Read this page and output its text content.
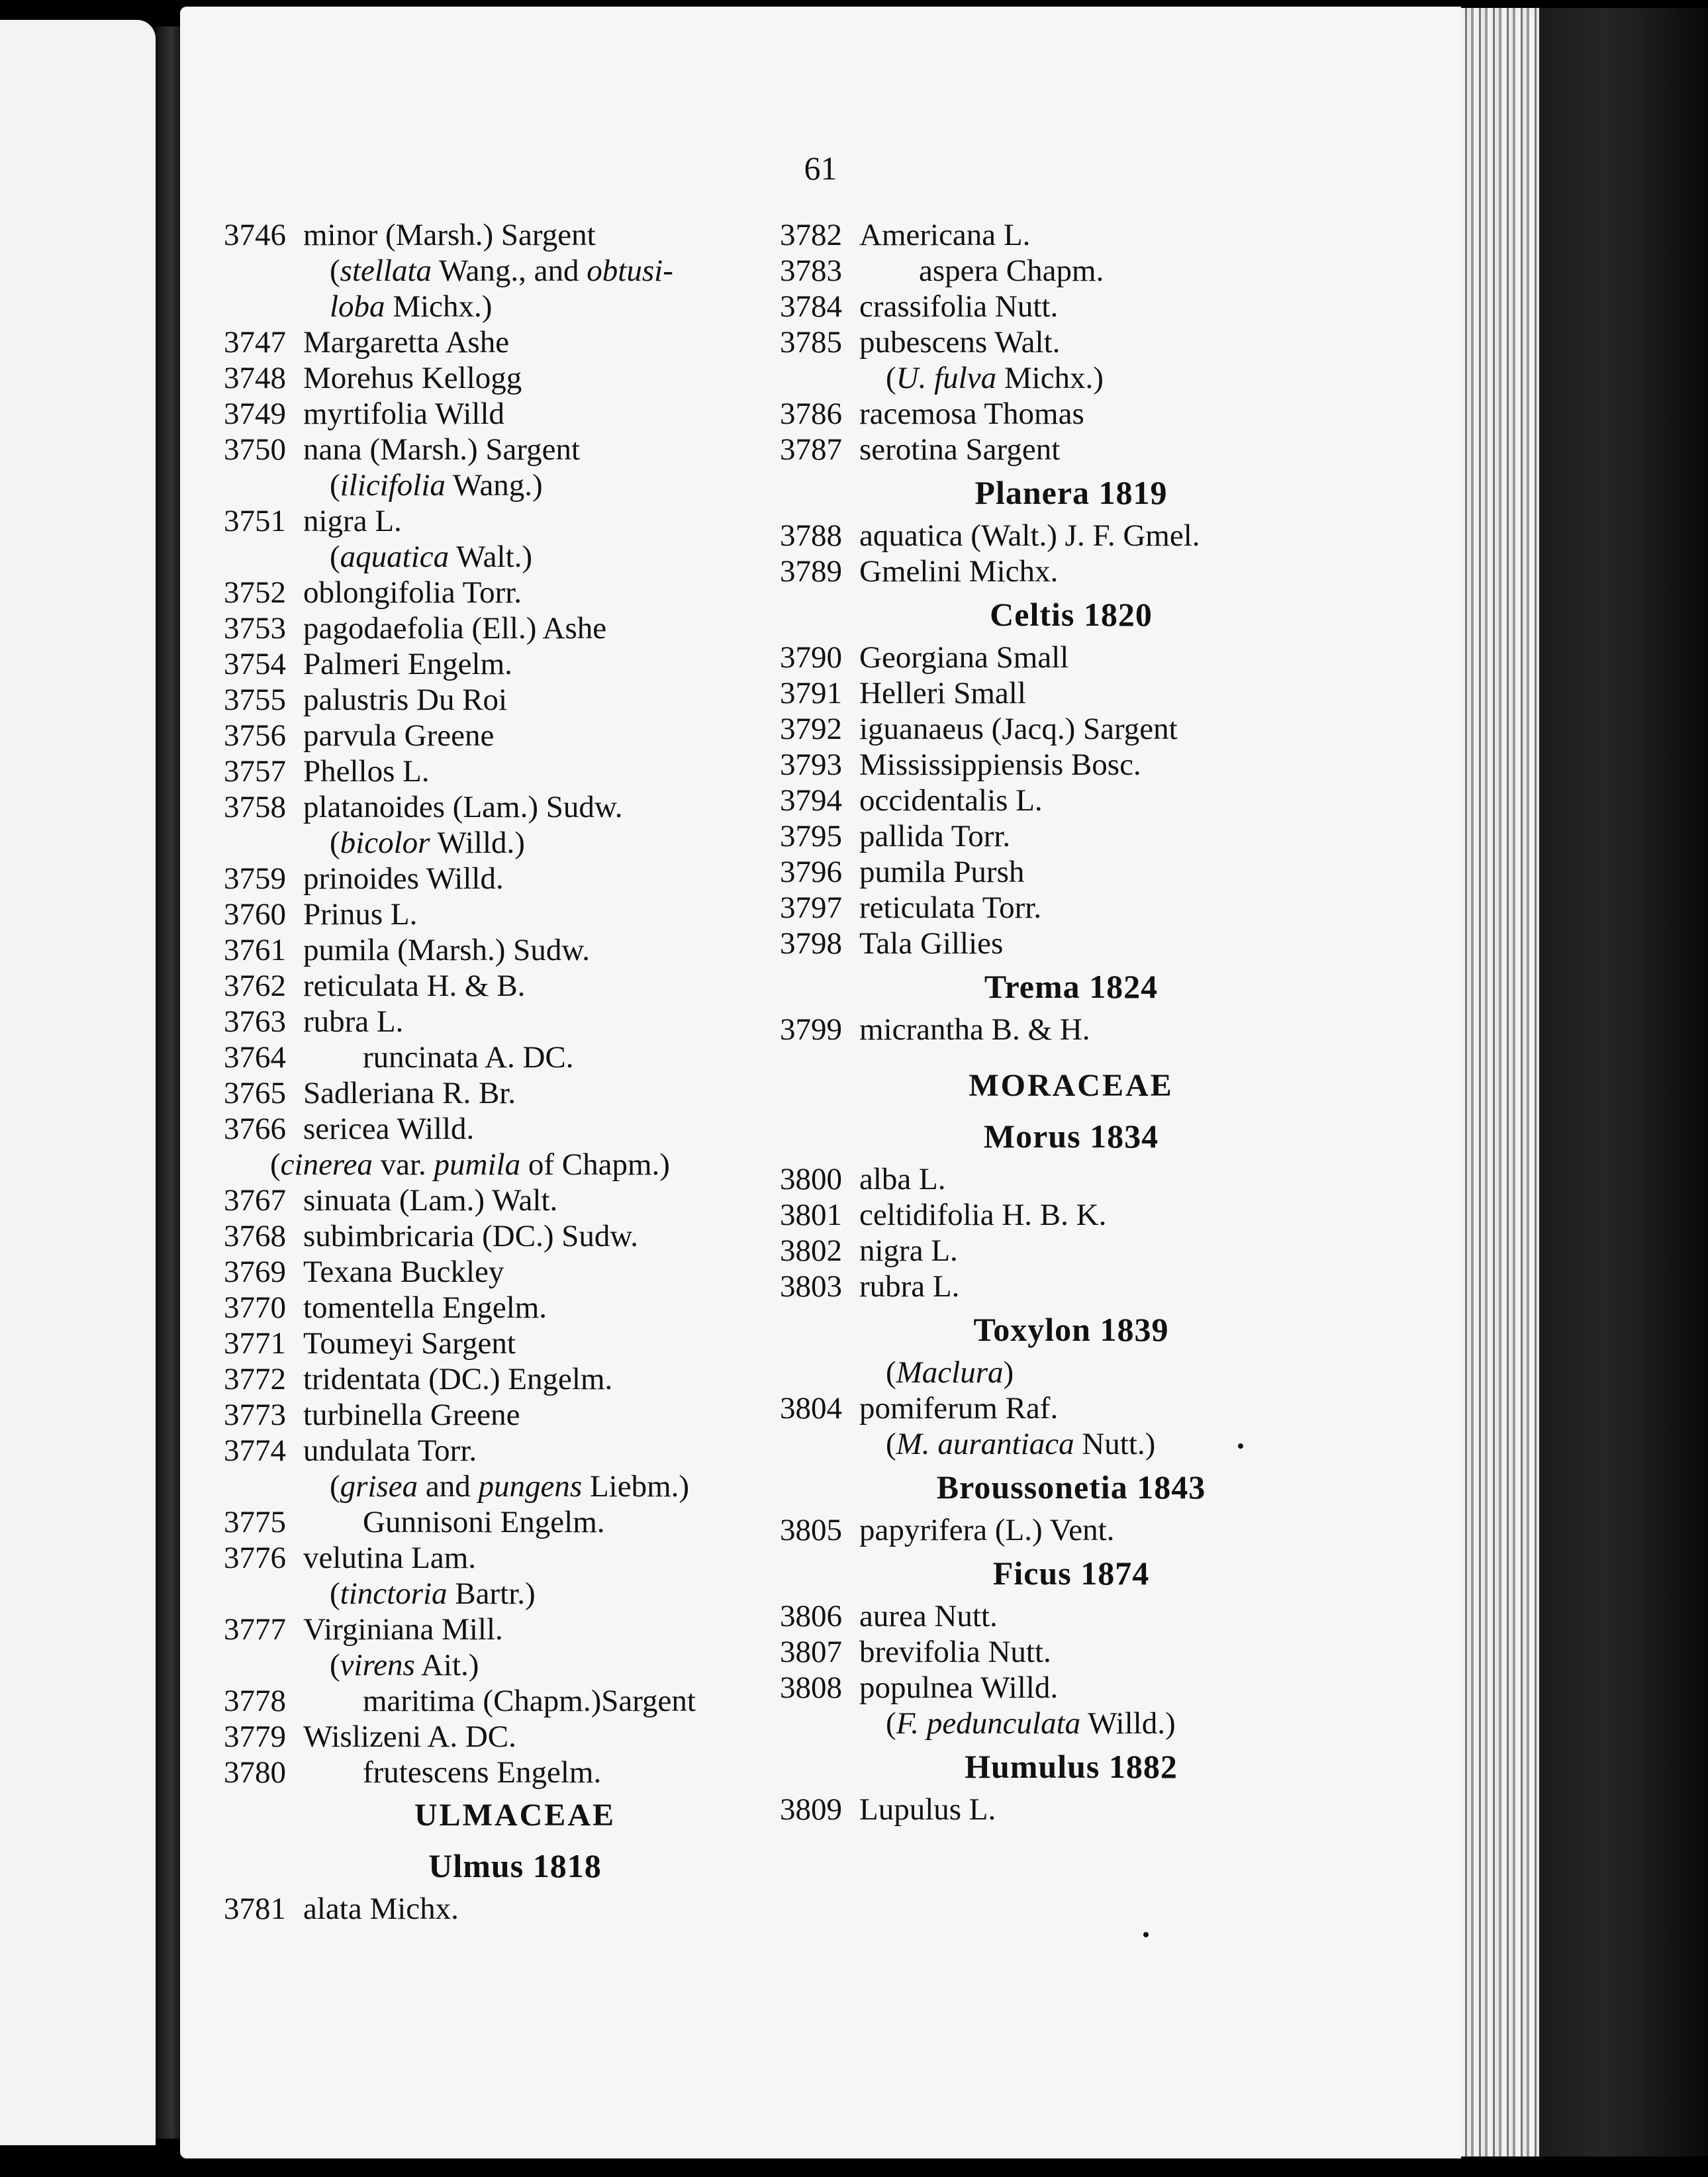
61
3746 minor (Marsh.) Sargent
(stellata Wang., and obtusi-
loba Michx.)
3747 Margaretta Ashe
3748 Morehus Kellogg
3749 myrtifolia Willd
3750 nana (Marsh.) Sargent
(ilicifolia Wang.)
3751 nigra L.
(aquatica Walt.)
3752 oblongifolia Torr.
3753 pagodaefolia (Ell.) Ashe
3754 Palmeri Engelm.
3755 palustris Du Roi
3756 parvula Greene
3757 Phellos L.
3758 platanoides (Lam.) Sudw.
(bicolor Willd.)
3759 prinoides Willd.
3760 Prinus L.
3761 pumila (Marsh.) Sudw.
3762 reticulata H. & B.
3763 rubra L.
3764 runcinata A. DC.
3765 Sadleriana R. Br.
3766 sericea Willd.
(cinerea var. pumila of Chapm.)
3767 sinuata (Lam.) Walt.
3768 subimbricaria (DC.) Sudw.
3769 Texana Buckley
3770 tomentella Engelm.
3771 Toumeyi Sargent
3772 tridentata (DC.) Engelm.
3773 turbinella Greene
3774 undulata Torr.
(grisea and pungens Liebm.)
3775 Gunnisoni Engelm.
3776 velutina Lam.
(tinctoria Bartr.)
3777 Virginiana Mill.
(virens Ait.)
3778 maritima (Chapm.)Sargent
3779 Wislizeni A. DC.
3780 frutescens Engelm.
ULMACEAE
Ulmus 1818
3781 alata Michx.
3782 Americana L.
3783 aspera Chapm.
3784 crassifolia Nutt.
3785 pubescens Walt.
(U. fulva Michx.)
3786 racemosa Thomas
3787 serotina Sargent
Planera 1819
3788 aquatica (Walt.) J. F. Gmel.
3789 Gmelini Michx.
Celtis 1820
3790 Georgiana Small
3791 Helleri Small
3792 iguanaeus (Jacq.) Sargent
3793 Mississippiensis Bosc.
3794 occidentalis L.
3795 pallida Torr.
3796 pumila Pursh
3797 reticulata Torr.
3798 Tala Gillies
Trema 1824
3799 micrantha B. & H.
MORACEAE
Morus 1834
3800 alba L.
3801 celtidifolia H. B. K.
3802 nigra L.
3803 rubra L.
Toxylon 1839
(Maclura)
3804 pomiferum Raf.
(M. aurantiaca Nutt.)
Broussonetia 1843
3805 papyrifera (L.) Vent.
Ficus 1874
3806 aurea Nutt.
3807 brevifolia Nutt.
3808 populnea Willd.
(F. pedunculata Willd.)
Humulus 1882
3809 Lupulus L.
